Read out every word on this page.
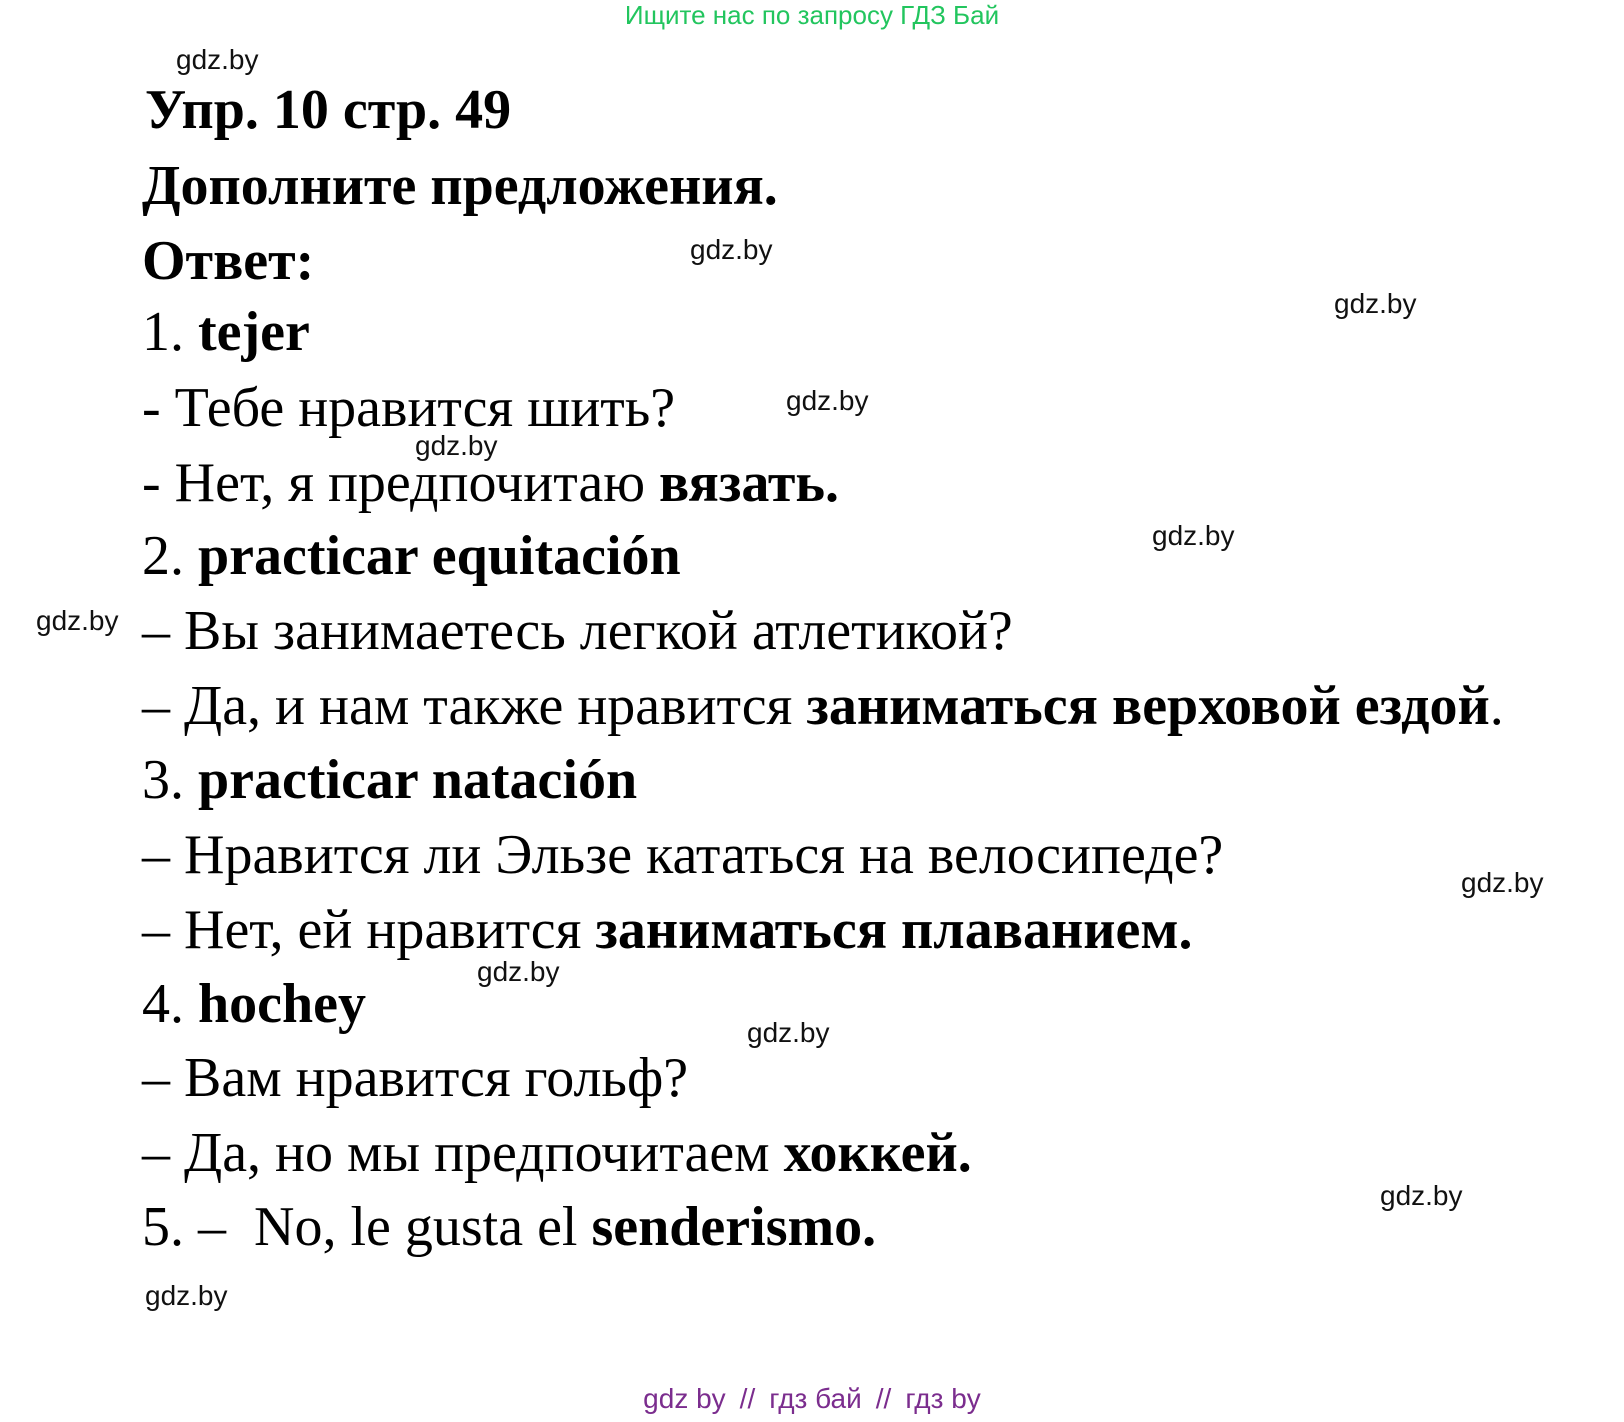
Ищите нас по запросу ГДЗ Бай
gdz.by
gdz.by
gdz.by
gdz.by
gdz.by
gdz.by
gdz.by
gdz.by
gdz.by
gdz.by
gdz.by
gdz.by
Упр. 10 стр. 49
Дополните предложения.
Ответ:
1. tejer
- Тебе нравится шить?
- Нет, я предпочитаю вязать.
2. practicar equitación
– Вы занимаетесь легкой атлетикой?
– Да, и нам также нравится заниматься верховой ездой.
3. practicar natación
– Нравится ли Эльзе кататься на велосипеде?
– Нет, ей нравится заниматься плаванием.
4. hochey
– Вам нравится гольф?
– Да, но мы предпочитаем хоккей.
5. –  No, le gusta el senderismo.
gdz by // гдз бай // гдз by
